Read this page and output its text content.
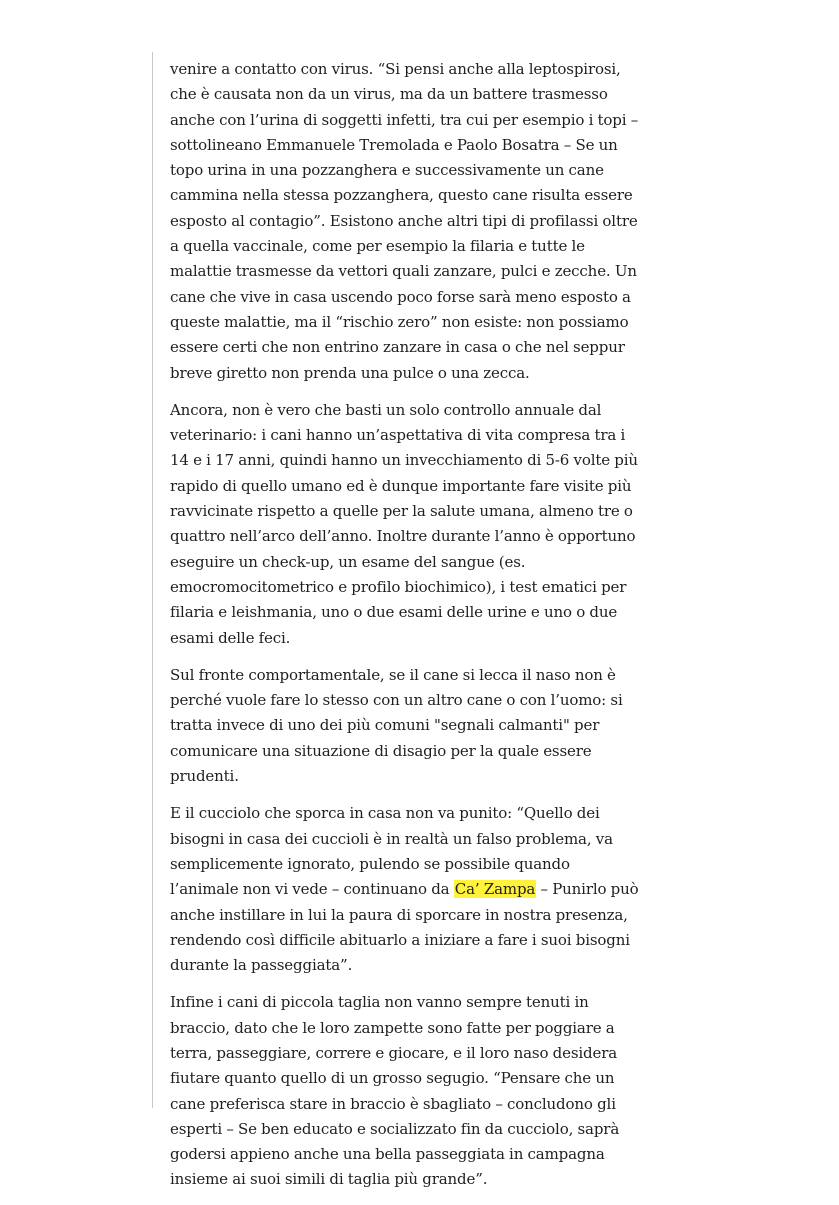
venire a contatto con virus. “Si pensi anche alla leptospirosi, che è causata non da un virus, ma da un battere trasmesso anche con l’urina di soggetti infetti, tra cui per esempio i topi – sottolineano Emmanuele Tremolada e Paolo Bosatra – Se un topo urina in una pozzanghera e successivamente un cane cammina nella stessa pozzanghera, questo cane risulta essere esposto al contagio”. Esistono anche altri tipi di profilassi oltre a quella vaccinale, come per esempio la filaria e tutte le malattie trasmesse da vettori quali zanzare, pulci e zecche. Un cane che vive in casa uscendo poco forse sarà meno esposto a queste malattie, ma il “rischio zero” non esiste: non possiamo essere certi che non entrino zanzare in casa o che nel seppur breve giretto non prenda una pulce o una zecca.

Ancora, non è vero che basti un solo controllo annuale dal veterinario: i cani hanno un’aspettativa di vita compresa tra i 14 e i 17 anni, quindi hanno un invecchiamento di 5-6 volte più rapido di quello umano ed è dunque importante fare visite più ravvicinate rispetto a quelle per la salute umana, almeno tre o quattro nell’arco dell’anno. Inoltre durante l’anno è opportuno eseguire un check-up, un esame del sangue (es. emocromocitometrico e profilo biochimico), i test ematici per filaria e leishmania, uno o due esami delle urine e uno o due esami delle feci.

Sul fronte comportamentale, se il cane si lecca il naso non è perché vuole fare lo stesso con un altro cane o con l’uomo: si tratta invece di uno dei più comuni "segnali calmanti" per comunicare una situazione di disagio per la quale essere prudenti.

E il cucciolo che sporca in casa non va punito: “Quello dei bisogni in casa dei cuccioli è in realtà un falso problema, va semplicemente ignorato, pulendo se possibile quando l’animale non vi vede – continuano da Ca’ Zampa – Punirlo può anche instillare in lui la paura di sporcare in nostra presenza, rendendo così difficile abituarlo a iniziare a fare i suoi bisogni durante la passeggiata”.

Infine i cani di piccola taglia non vanno sempre tenuti in braccio, dato che le loro zampette sono fatte per poggiare a terra, passeggiare, correre e giocare, e il loro naso desidera fiutare quanto quello di un grosso segugio. “Pensare che un cane preferisca stare in braccio è sbagliato – concludono gli esperti – Se ben educato e socializzato fin da cucciolo, saprà godersi appieno anche una bella passeggiata in campagna insieme ai suoi simili di taglia più grande”.
